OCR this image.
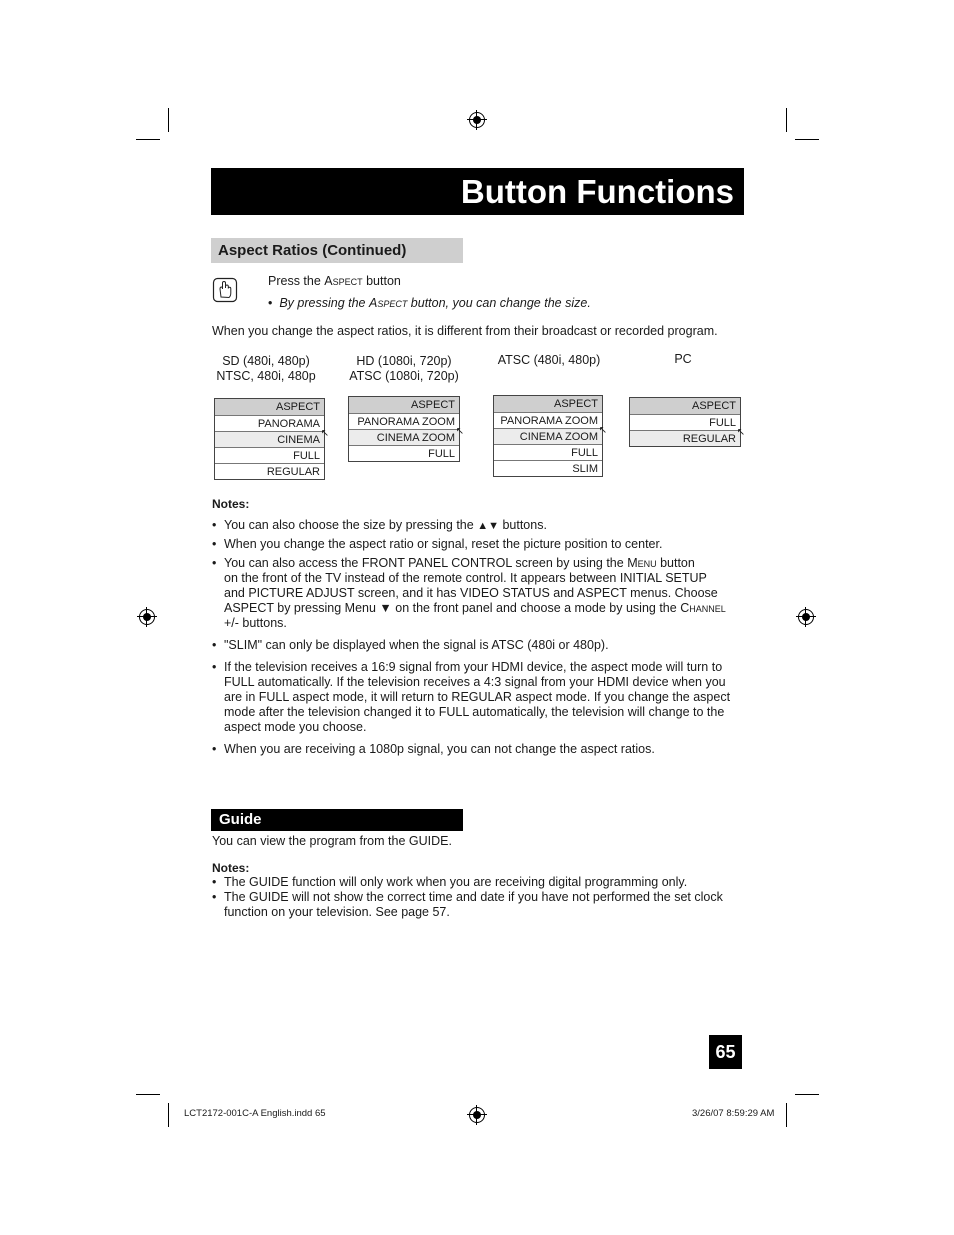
Button Functions
Aspect Ratios (Continued)
Press the Aspect button
• By pressing the Aspect button, you can change the size.
When you change the aspect ratios, it is different from their broadcast or recorded program.
SD (480i, 480p)
NTSC, 480i, 480p
HD (1080i, 720p)
ATSC (1080i, 720p)
ATSC (480i, 480p)	PC
ASPECT
PANORAMA
CINEMA
FULL
REGULAR
↖
ASPECT
PANORAMA ZOOM
CINEMA ZOOM
FULL
↖
ASPECT
PANORAMA ZOOM
CINEMA ZOOM
FULL
SLIM
↖
ASPECT
FULL
REGULAR
↖
Notes:
• You can also choose the size by pressing the ▲▼ buttons.
• When you change the aspect ratio or signal, reset the picture position to center.
• You can also access the FRONT PANEL CONTROL screen by using the Menu button
on the front of the TV instead of the remote control. It appears between INITIAL SETUP
and PICTURE ADJUST screen, and it has VIDEO STATUS and ASPECT menus. Choose
ASPECT by pressing Menu ▼ on the front panel and choose a mode by using the Channel
+/- buttons.
• "SLIM" can only be displayed when the signal is ATSC (480i or 480p).
• If the television receives a 16:9 signal from your HDMI device, the aspect mode will turn to
FULL automatically. If the television receives a 4:3 signal from your HDMI device when you
are in FULL aspect mode, it will return to REGULAR aspect mode. If you change the aspect
mode after the television changed it to FULL automatically, the television will change to the
aspect mode you choose.
• When you are receiving a 1080p signal, you can not change the aspect ratios.
Guide
You can view the program from the GUIDE.
Notes:
• The GUIDE function will only work when you are receiving digital programming only.
• The GUIDE will not show the correct time and date if you have not performed the set clock
function on your television. See page 57.
65
LCT2172-001C-A English.indd 65	3/26/07 8:59:29 AM
